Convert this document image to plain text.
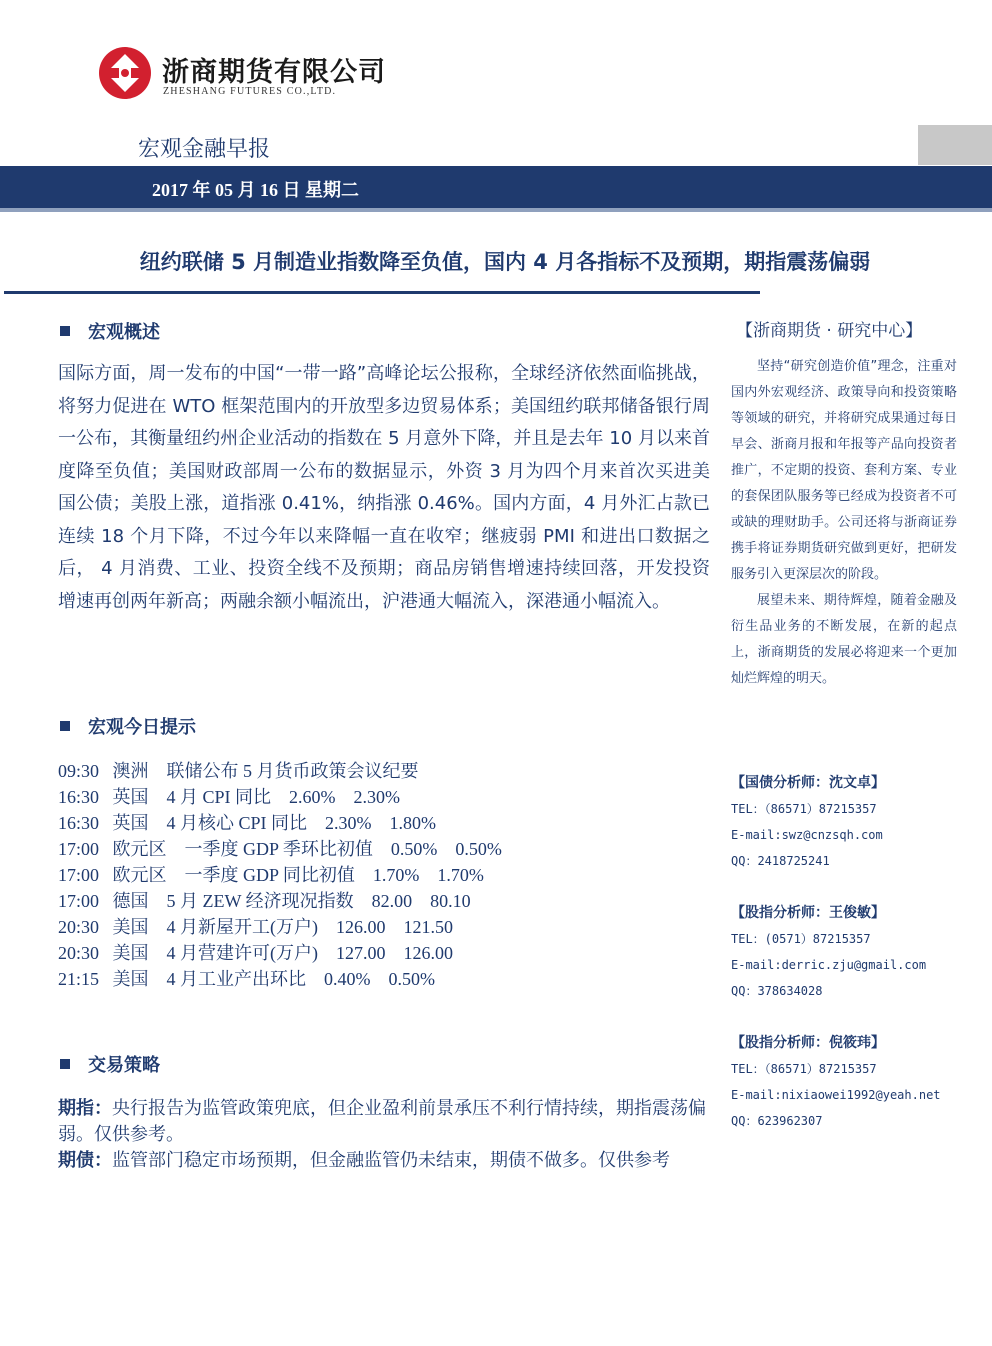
浙商期货有限公司
ZHESHANG FUTURES CO.,LTD.
宏观金融早报
2017 年 05 月 16 日 星期二
纽约联储 5 月制造业指数降至负值，国内 4 月各指标不及预期，期指震荡偏弱
宏观概述
国际方面，周一发布的中国“一带一路”高峰论坛公报称，全球经济依然面临挑战，将努力促进在 WTO 框架范围内的开放型多边贸易体系；美国纽约联邦储备银行周一公布，其衡量纽约州企业活动的指数在 5 月意外下降，并且是去年 10 月以来首度降至负值；美国财政部周一公布的数据显示，外资 3 月为四个月来首次买进美国公债；美股上涨，道指涨 0.41%，纳指涨 0.46%。国内方面，4 月外汇占款已连续 18 个月下降，不过今年以来降幅一直在收窄；继疲弱 PMI 和进出口数据之后， 4 月消费、工业、投资全线不及预期；商品房销售增速持续回落，开发投资增速再创两年新高；两融余额小幅流出，沪港通大幅流入，深港通小幅流入。
宏观今日提示
09:30   澳洲    联储公布 5 月货币政策会议纪要
16:30   英国    4 月 CPI 同比    2.60%    2.30%
16:30   英国    4 月核心 CPI 同比    2.30%    1.80%
17:00   欧元区    一季度 GDP 季环比初值    0.50%    0.50%
17:00   欧元区    一季度 GDP 同比初值    1.70%    1.70%
17:00   德国    5 月 ZEW 经济现况指数    82.00    80.10
20:30   美国    4 月新屋开工(万户)    126.00    121.50
20:30   美国    4 月营建许可(万户)    127.00    126.00
21:15   美国    4 月工业产出环比    0.40%    0.50%
交易策略
期指：央行报告为监管政策兜底，但企业盈利前景承压不利行情持续，期指震荡偏弱。仅供参考。
期债：监管部门稳定市场预期，但金融监管仍未结束，期债不做多。仅供参考
【浙商期货 · 研究中心】

坚持“研究创造价值”理念，注重对国内外宏观经济、政策导向和投资策略等领域的研究，并将研究成果通过每日早会、浙商月报和年报等产品向投资者推广，不定期的投资、套利方案、专业的套保团队服务等已经成为投资者不可或缺的理财助手。公司还将与浙商证券携手将证券期货研究做到更好，把研发服务引入更深层次的阶段。

展望未来、期待辉煌，随着金融及衍生品业务的不断发展，在新的起点上，浙商期货的发展必将迎来一个更加灿烂辉煌的明天。

【国债分析师：沈文卓】
TEL：（86571）87215357
E-mail:swz@cnzsqh.com
QQ：2418725241
【股指分析师：王俊敏】
TEL：(0571）87215357
E-mail:derric.zju@gmail.com
QQ：378634028
【股指分析师：倪筱玮】
TEL：（86571）87215357
E-mail:nixiaowei1992@yeah.net
QQ：623962307
